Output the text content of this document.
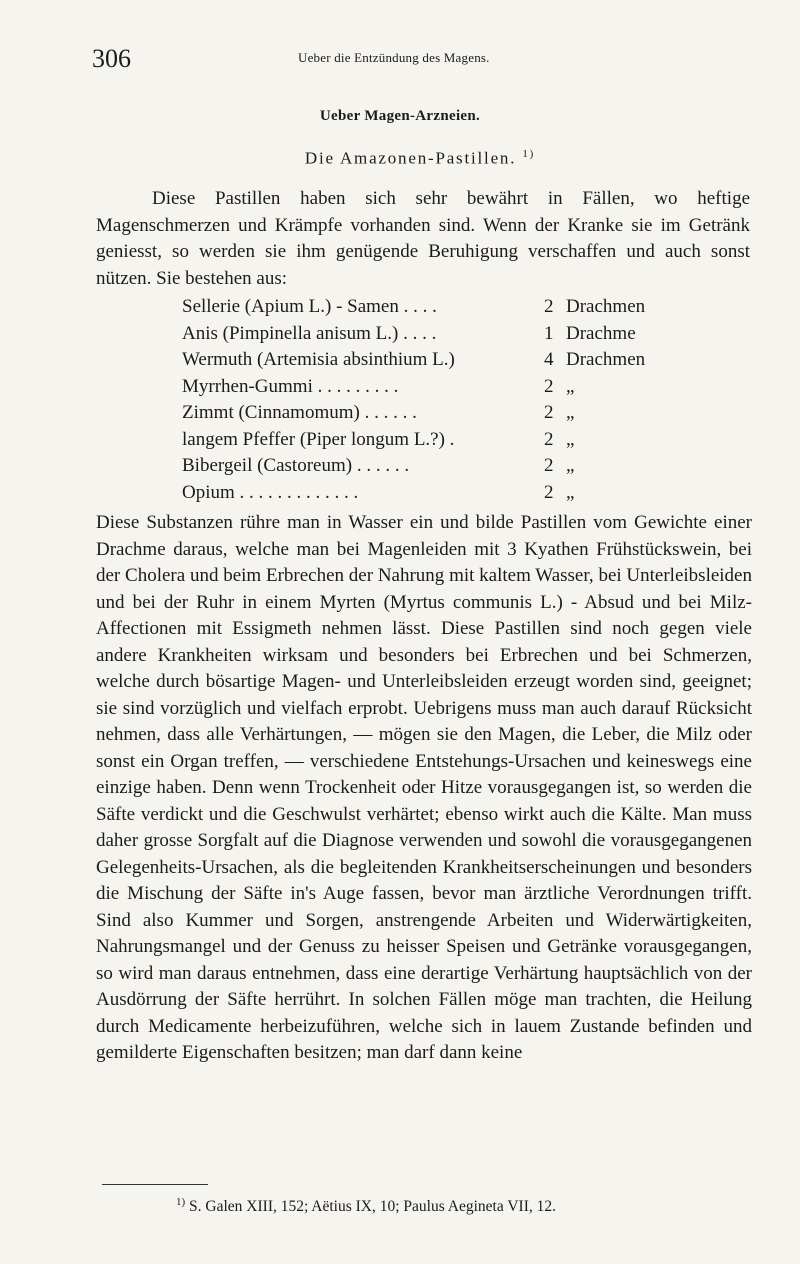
306	Ueber die Entzündung des Magens.
Ueber Magen-Arzneien.
Die Amazonen-Pastillen. $^{1)}$

Diese Pastillen haben sich sehr bewährt in Fällen, wo heftige Magenschmerzen und Krämpfe vorhanden sind. Wenn der Kranke sie im Getränk geniesst, so werden sie ihm genügende Beruhigung verschaffen und auch sonst nützen. Sie bestehen aus:

Sellerie (Apium L.) - Samen . . . .	2	Drachmen
Anis (Pimpinella anisum L.) . . . .	1	Drachme
Wermuth (Artemisia absinthium L.)	4	Drachmen
Myrrhen-Gummi . . . . . . . . .	2	„
Zimmt (Cinnamomum) . . . . . .	2	„
langem Pfeffer (Piper longum L.?) .	2	„
Bibergeil (Castoreum) . . . . . .	2	„
Opium . . . . . . . . . . . . .	2	„

Diese Substanzen rühre man in Wasser ein und bilde Pastillen vom Gewichte einer Drachme daraus, welche man bei Magenleiden mit 3 Kyathen Frühstückswein, bei der Cholera und beim Erbrechen der Nahrung mit kaltem Wasser, bei Unterleibsleiden und bei der Ruhr in einem Myrten (Myrtus communis L.) - Absud und bei Milz-Affectionen mit Essigmeth nehmen lässt. Diese Pastillen sind noch gegen viele andere Krankheiten wirksam und besonders bei Erbrechen und bei Schmerzen, welche durch bösartige Magen- und Unterleibsleiden erzeugt worden sind, geeignet; sie sind vorzüglich und vielfach erprobt. Uebrigens muss man auch darauf Rücksicht nehmen, dass alle Verhärtungen, — mögen sie den Magen, die Leber, die Milz oder sonst ein Organ treffen, — verschiedene Entstehungs-Ursachen und keineswegs eine einzige haben. Denn wenn Trockenheit oder Hitze vorausgegangen ist, so werden die Säfte verdickt und die Geschwulst verhärtet; ebenso wirkt auch die Kälte. Man muss daher grosse Sorgfalt auf die Diagnose verwenden und sowohl die vorausgegangenen Gelegenheits-Ursachen, als die begleitenden Krankheitserscheinungen und besonders die Mischung der Säfte in's Auge fassen, bevor man ärztliche Verordnungen trifft. Sind also Kummer und Sorgen, anstrengende Arbeiten und Widerwärtigkeiten, Nahrungsmangel und der Genuss zu heisser Speisen und Getränke vorausgegangen, so wird man daraus entnehmen, dass eine derartige Verhärtung hauptsächlich von der Ausdörrung der Säfte herrührt. In solchen Fällen möge man trachten, die Heilung durch Medicamente herbeizuführen, welche sich in lauem Zustande befinden und gemilderte Eigenschaften besitzen; man darf dann keine

$^{1)}$ S. Galen XIII, 152; Aëtius IX, 10; Paulus Aegineta VII, 12.
